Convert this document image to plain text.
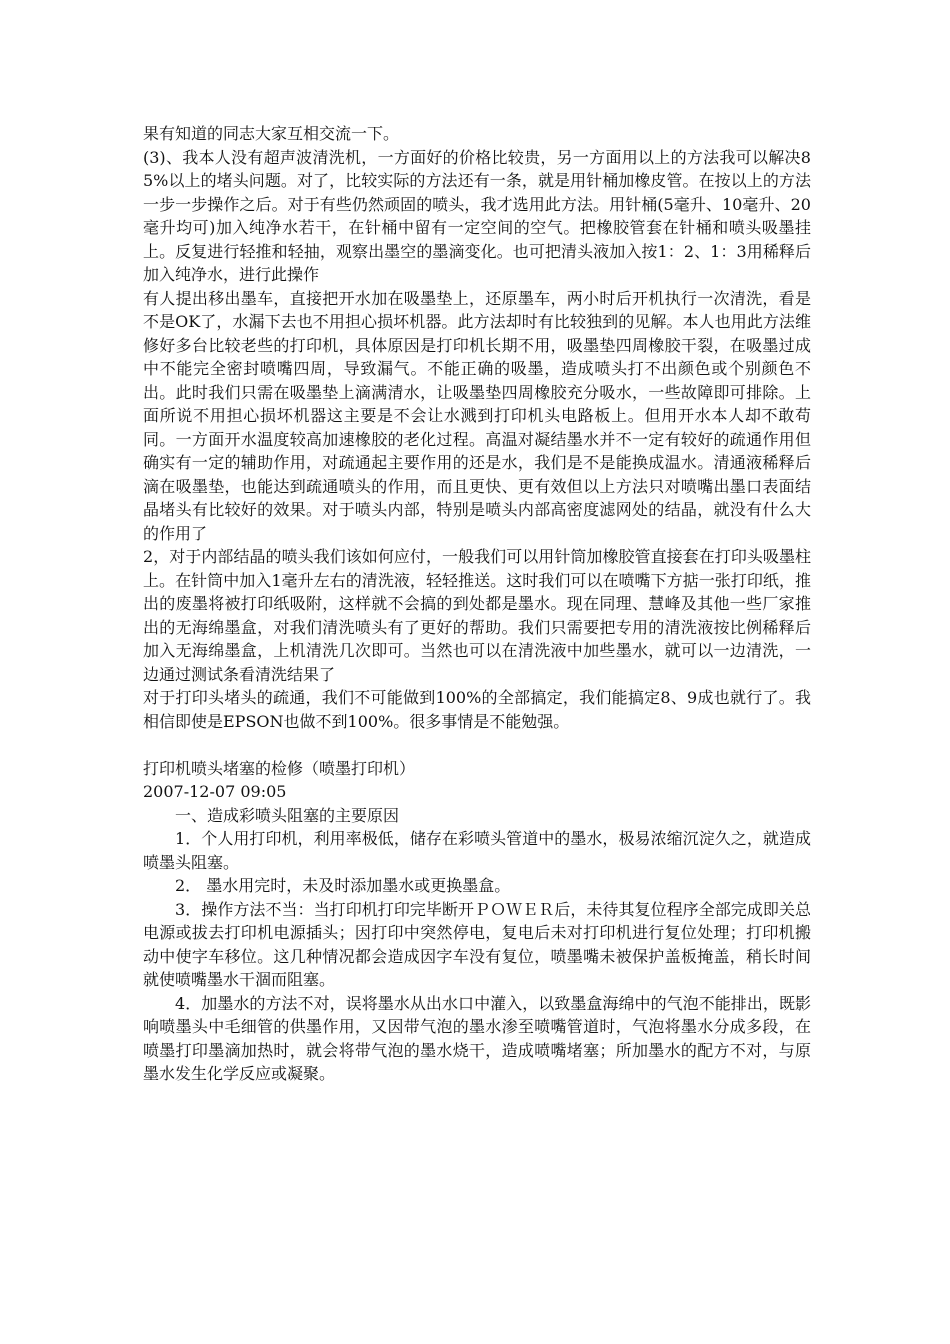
果有知道的同志大家互相交流一下。

(3)、我本人没有超声波清洗机，一方面好的价格比较贵，另一方面用以上的方法我可以解决85%以上的堵头问题。对了，比较实际的方法还有一条，就是用针桶加橡皮管。在按以上的方法一步一步操作之后。对于有些仍然顽固的喷头，我才选用此方法。用针桶(5毫升、10毫升、20毫升均可)加入纯净水若干，在针桶中留有一定空间的空气。把橡胶管套在针桶和喷头吸墨挂上。反复进行轻推和轻抽，观察出墨空的墨滴变化。也可把清头液加入按1：2、1：3用稀释后加入纯净水，进行此操作

有人提出移出墨车，直接把开水加在吸墨垫上，还原墨车，两小时后开机执行一次清洗，看是不是OK了，水漏下去也不用担心损坏机器。此方法却时有比较独到的见解。本人也用此方法维修好多台比较老些的打印机，具体原因是打印机长期不用，吸墨垫四周橡胶干裂，在吸墨过成中不能完全密封喷嘴四周，导致漏气。不能正确的吸墨，造成喷头打不出颜色或个别颜色不出。此时我们只需在吸墨垫上滴满清水，让吸墨垫四周橡胶充分吸水，一些故障即可排除。上面所说不用担心损坏机器这主要是不会让水溅到打印机头电路板上。但用开水本人却不敢苟同。一方面开水温度较高加速橡胶的老化过程。高温对凝结墨水并不一定有较好的疏通作用但确实有一定的辅助作用，对疏通起主要作用的还是水，我们是不是能换成温水。清通液稀释后滴在吸墨垫，也能达到疏通喷头的作用，而且更快、更有效但以上方法只对喷嘴出墨口表面结晶堵头有比较好的效果。对于喷头内部，特别是喷头内部高密度滤网处的结晶，就没有什么大的作用了

2，对于内部结晶的喷头我们该如何应付，一般我们可以用针筒加橡胶管直接套在打印头吸墨柱上。在针筒中加入1毫升左右的清洗液，轻轻推送。这时我们可以在喷嘴下方掂一张打印纸，推出的废墨将被打印纸吸附，这样就不会搞的到处都是墨水。现在同理、慧峰及其他一些厂家推出的无海绵墨盒，对我们清洗喷头有了更好的帮助。我们只需要把专用的清洗液按比例稀释后加入无海绵墨盒，上机清洗几次即可。当然也可以在清洗液中加些墨水，就可以一边清洗，一边通过测试条看清洗结果了

对于打印头堵头的疏通，我们不可能做到100%的全部搞定，我们能搞定8、9成也就行了。我相信即使是EPSON也做不到100%。很多事情是不能勉强。

打印机喷头堵塞的检修（喷墨打印机）

2007-12-07 09:05

一、造成彩喷头阻塞的主要原因

1．个人用打印机，利用率极低，储存在彩喷头管道中的墨水，极易浓缩沉淀久之，就造成喷墨头阻塞。

2． 墨水用完时，未及时添加墨水或更换墨盒。

3．操作方法不当：当打印机打印完毕断开ＰＯＷＥＲ后，未待其复位程序全部完成即关总电源或拔去打印机电源插头；因打印中突然停电，复电后未对打印机进行复位处理；打印机搬动中使字车移位。这几种情况都会造成因字车没有复位，喷墨嘴未被保护盖板掩盖，稍长时间就使喷嘴墨水干涸而阻塞。

4．加墨水的方法不对，误将墨水从出水口中灌入，以致墨盒海绵中的气泡不能排出，既影响喷墨头中毛细管的供墨作用，又因带气泡的墨水渗至喷嘴管道时，气泡将墨水分成多段，在喷墨打印墨滴加热时，就会将带气泡的墨水烧干，造成喷嘴堵塞；所加墨水的配方不对，与原墨水发生化学反应或凝聚。
